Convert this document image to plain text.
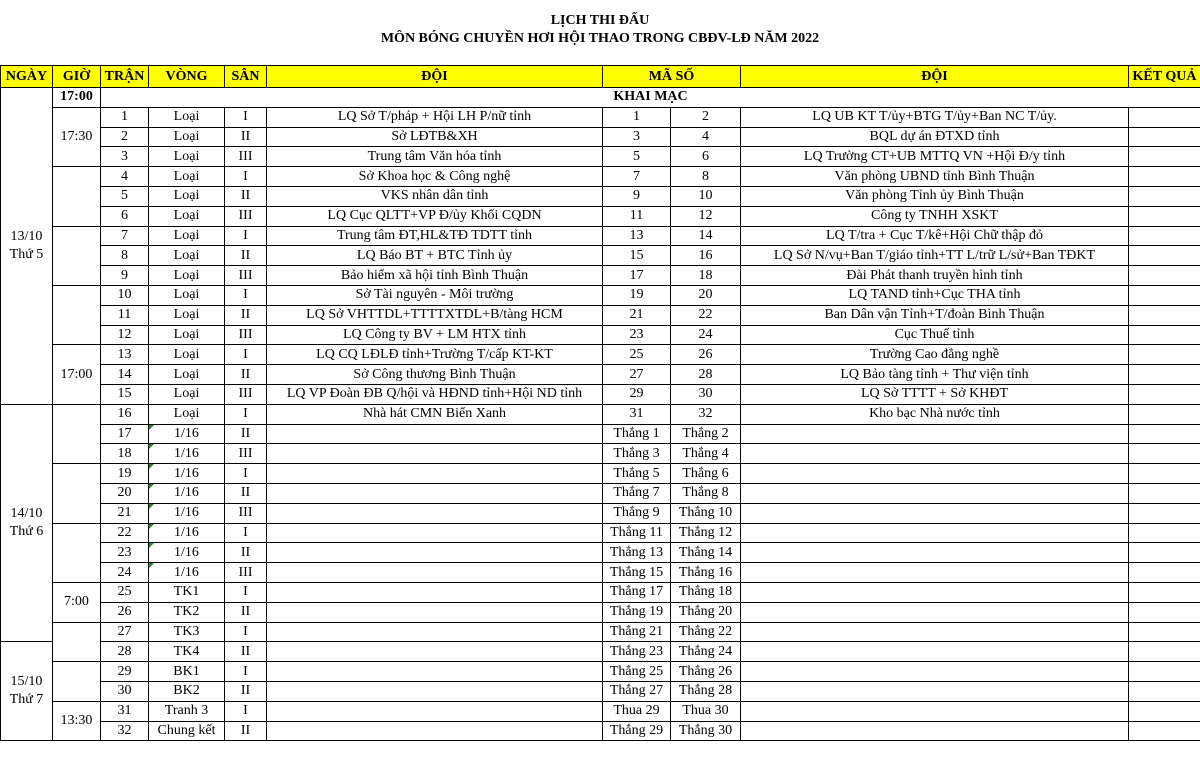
LỊCH THI ĐẤU
MÔN BÓNG CHUYỀN HƠI HỘI THAO TRONG CBĐV-LĐ NĂM 2022
NGÀY	GIỜ	TRẬN	VÒNG	SÂN	ĐỘI	MÃ SỐ		ĐỘI	KẾT QUẢ

13/10
Thứ 5	17:00	KHAI MẠC							
	17:30	1	Loại	I	LQ Sở T/pháp + Hội LH P/nữ tỉnh	1	2	LQ UB KT T/ủy+BTG T/ủy+Ban NC T/ủy.	
		2	Loại	II	Sở LĐTB&XH	3	4	BQL dự án ĐTXD tỉnh	
		3	Loại	III	Trung tâm Văn hóa tỉnh	5	6	LQ Trường CT+UB MTTQ VN +Hội Đ/y tỉnh	
		4	Loại	I	Sở Khoa học & Công nghệ	7	8	Văn phòng UBND tỉnh Bình Thuận	
		5	Loại	II	VKS nhân dân tỉnh	9	10	Văn phòng Tỉnh ủy Bình Thuận	
		6	Loại	III	LQ Cục QLTT+VP Đ/ủy Khối CQDN	11	12	Công ty TNHH XSKT	
		7	Loại	I	Trung tâm ĐT,HL&TĐ TDTT tỉnh	13	14	LQ T/tra + Cục T/kê+Hội Chữ thập đỏ	
		8	Loại	II	LQ Báo BT + BTC Tỉnh ủy	15	16	LQ Sở N/vụ+Ban T/giáo tỉnh+TT L/trữ L/sử+Ban TĐKT	
		9	Loại	III	Bảo hiểm xã hội tỉnh Bình Thuận	17	18	Đài Phát thanh truyền hình tỉnh	
		10	Loại	I	Sở Tài nguyên - Môi trường	19	20	LQ TAND tỉnh+Cục THA tỉnh	
		11	Loại	II	LQ Sở VHTTDL+TTTTXTDL+B/tàng HCM	21	22	Ban Dân vận Tỉnh+T/đoàn Bình Thuận	
		12	Loại	III	LQ Công ty BV + LM HTX tỉnh	23	24	Cục Thuế tỉnh	
	17:00	13	Loại	I	LQ CQ LĐLĐ tỉnh+Trường T/cấp KT-KT	25	26	Trường Cao đẳng nghề	
		14	Loại	II	Sở Công thương Bình Thuận	27	28	LQ Bảo tàng tỉnh + Thư viện tỉnh	
		15	Loại	III	LQ VP Đoàn ĐB Q/hội và HĐND tỉnh+Hội ND tỉnh	29	30	LQ Sở TTTT + Sở KHĐT	

14/10
Thứ 6		16	Loại	I	Nhà hát CMN Biển Xanh	31	32	Kho bạc Nhà nước tỉnh	
		17	1/16	II		Thắng 1	Thắng 2		
		18	1/16	III		Thắng 3	Thắng 4		
		19	1/16	I		Thắng 5	Thắng 6		
		20	1/16	II		Thắng 7	Thắng 8		
		21	1/16	III		Thắng 9	Thắng 10		
		22	1/16	I		Thắng 11	Thắng 12		
		23	1/16	II		Thắng 13	Thắng 14		
		24	1/16	III		Thắng 15	Thắng 16		
	7:00	25	TK1	I		Thắng 17	Thắng 18		
		26	TK2	II		Thắng 19	Thắng 20		
		27	TK3	I		Thắng 21	Thắng 22		

15/10
Thứ 7		28	TK4	II		Thắng 23	Thắng 24		
		29	BK1	I		Thắng 25	Thắng 26		
		30	BK2	II		Thắng 27	Thắng 28		
	13:30	31	Tranh 3	I		Thua 29	Thua 30		
		32	Chung kết	II		Thắng 29	Thắng 30		
